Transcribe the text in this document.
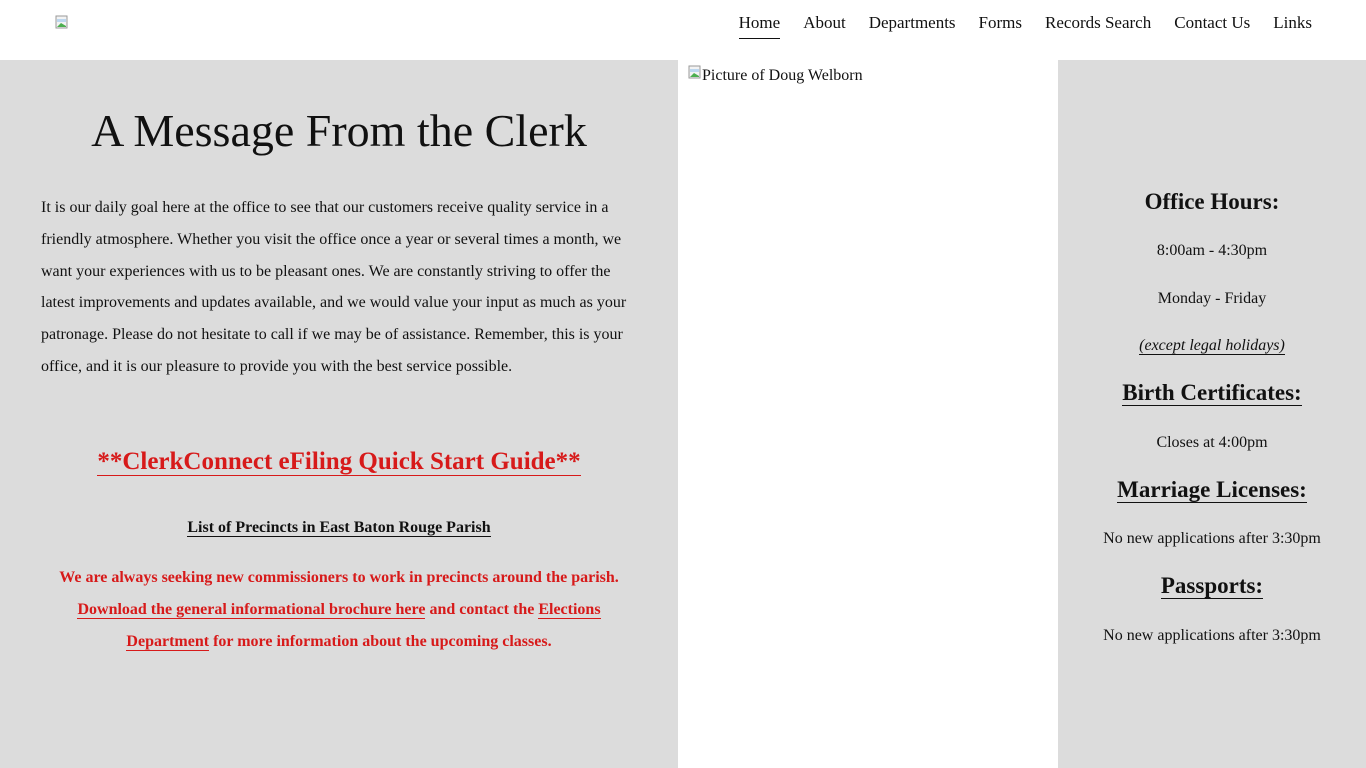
Home About Departments Forms Records Search Contact Us Links
A Message From the Clerk

It is our daily goal here at the office to see that our customers receive quality service in a friendly atmosphere. Whether you visit the office once a year or several times a month, we want your experiences with us to be pleasant ones. We are constantly striving to offer the latest improvements and updates available, and we would value your input as much as your patronage. Please do not hesitate to call if we may be of assistance. Remember, this is your office, and it is our pleasure to provide you with the best service possible.

**ClerkConnect eFiling Quick Start Guide**
List of Precincts in East Baton Rouge Parish

We are always seeking new commissioners to work in precincts around the parish. Download the general informational brochure here and contact the Elections Department for more information about the upcoming classes.

Picture of Doug Welborn

Office Hours:

8:00am - 4:30pm

Monday - Friday

(except legal holidays)

Birth Certificates:

Closes at 4:00pm

Marriage Licenses:

No new applications after 3:30pm

Passports:

No new applications after 3:30pm
